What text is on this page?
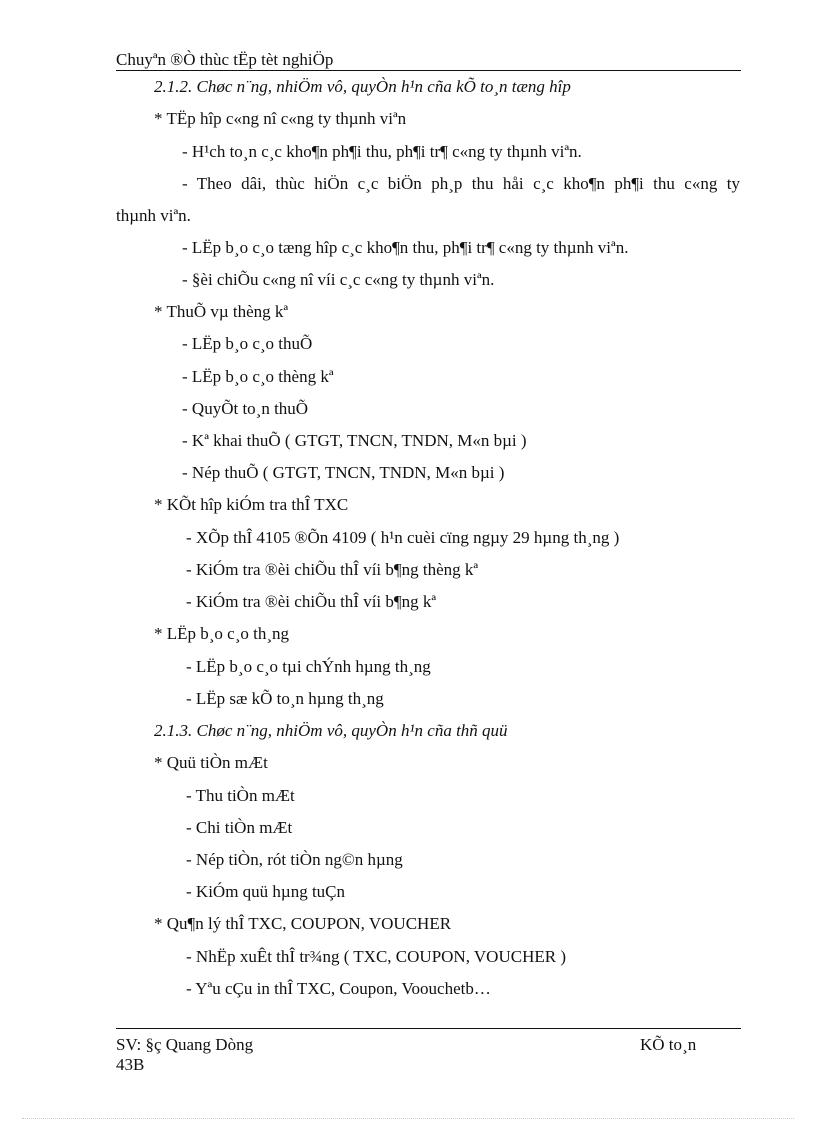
Chuyªn ®Ò thùc tËp tèt nghiÖp
2.1.2. Chøc n¨ng, nhiÖm vô, quyÒn h¹n cña kÕ to¸n tæng hîp
* TËp hîp c«ng nî c«ng ty thµnh viªn
- H¹ch to¸n c¸c kho¶n ph¶i thu, ph¶i tr¶ c«ng ty thµnh viªn.
- Theo dâi, thùc hiÖn c¸c biÖn ph¸p thu håi c¸c kho¶n ph¶i thu c«ng ty
thµnh viªn.
- LËp b¸o c¸o tæng hîp c¸c kho¶n thu, ph¶i tr¶ c«ng ty thµnh viªn.
- §èi chiÕu c«ng nî víi c¸c c«ng ty thµnh viªn.
* ThuÕ vµ thèng kª
- LËp b¸o c¸o thuÕ
- LËp b¸o c¸o thèng kª
- QuyÕt to¸n thuÕ
- Kª khai thuÕ ( GTGT, TNCN, TNDN, M«n bµi )
- Nép thuÕ ( GTGT, TNCN, TNDN, M«n bµi )
* KÕt hîp kiÓm tra thÎ TXC
- XÕp thÎ 4105 ®Õn 4109 ( h¹n cuèi cïng ngµy 29 hµng th¸ng )
- KiÓm tra ®èi chiÕu thÎ víi b¶ng thèng kª
- KiÓm tra ®èi chiÕu thÎ víi b¶ng kª
* LËp b¸o c¸o th¸ng
- LËp b¸o c¸o tµi chÝnh hµng th¸ng
- LËp sæ kÕ to¸n hµng th¸ng
2.1.3. Chøc n¨ng, nhiÖm vô, quyÒn h¹n cña thñ quü
* Quü tiÒn mÆt
- Thu tiÒn mÆt
- Chi tiÒn mÆt
- Nép tiÒn, rót tiÒn ng©n hµng
- KiÓm quü hµng tuÇn
* Qu¶n lý thÎ TXC, COUPON, VOUCHER
- NhËp xuÊt thÎ tr¾ng ( TXC, COUPON, VOUCHER )
- Yªu cÇu in thÎ TXC, Coupon, Voouchetb…
SV: §ç Quang Dòng	KÕ to¸n
43B
